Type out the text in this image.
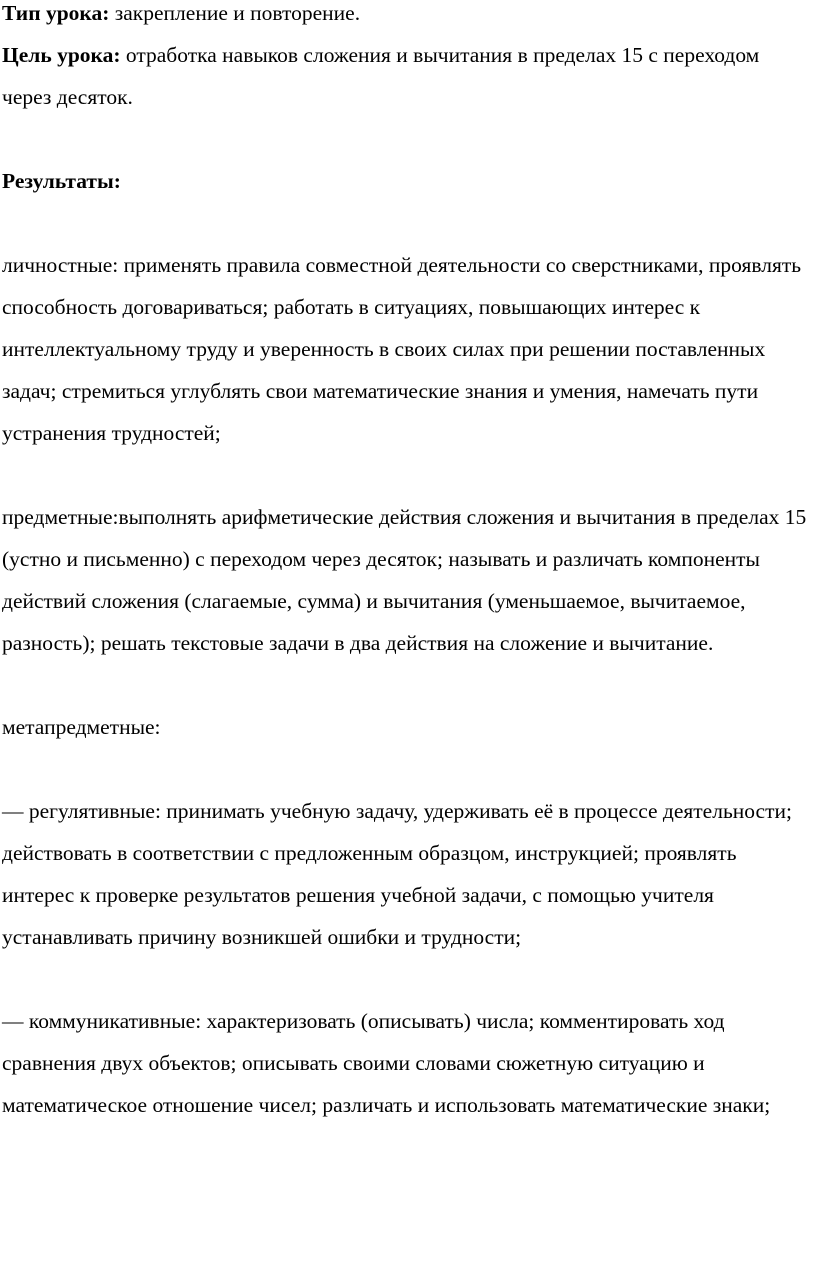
Тип урока: закрепление и повторение.

Цель урока: отработка навыков сложения и вычитания в пределах 15 с переходом через десяток.

Результаты:

личностные: применять правила совместной деятельности со сверстниками, проявлять способность договариваться; работать в ситуациях, повышающих интерес к интеллектуальному труду и уверенность в своих силах при решении поставленных задач; стремиться углублять свои математические знания и умения, намечать пути устранения трудностей;

предметные:выполнять арифметические действия сложения и вычитания в пределах 15 (устно и письменно) с переходом через десяток; называть и различать компоненты действий сложения (слагаемые, сумма) и вычитания (уменьшаемое, вычитаемое, разность); решать текстовые задачи в два действия на сложение и вычитание.

метапредметные:

— регулятивные: принимать учебную задачу, удерживать её в процессе деятельности; действовать в соответствии с предложенным образцом, инструкцией; проявлять интерес к проверке результатов решения учебной задачи, с помощью учителя устанавливать причину возникшей ошибки и трудности;

— коммуникативные: характеризовать (описывать) числа; комментировать ход сравнения двух объектов; описывать своими словами сюжетную ситуацию и математическое отношение чисел; различать и использовать математические знаки;
